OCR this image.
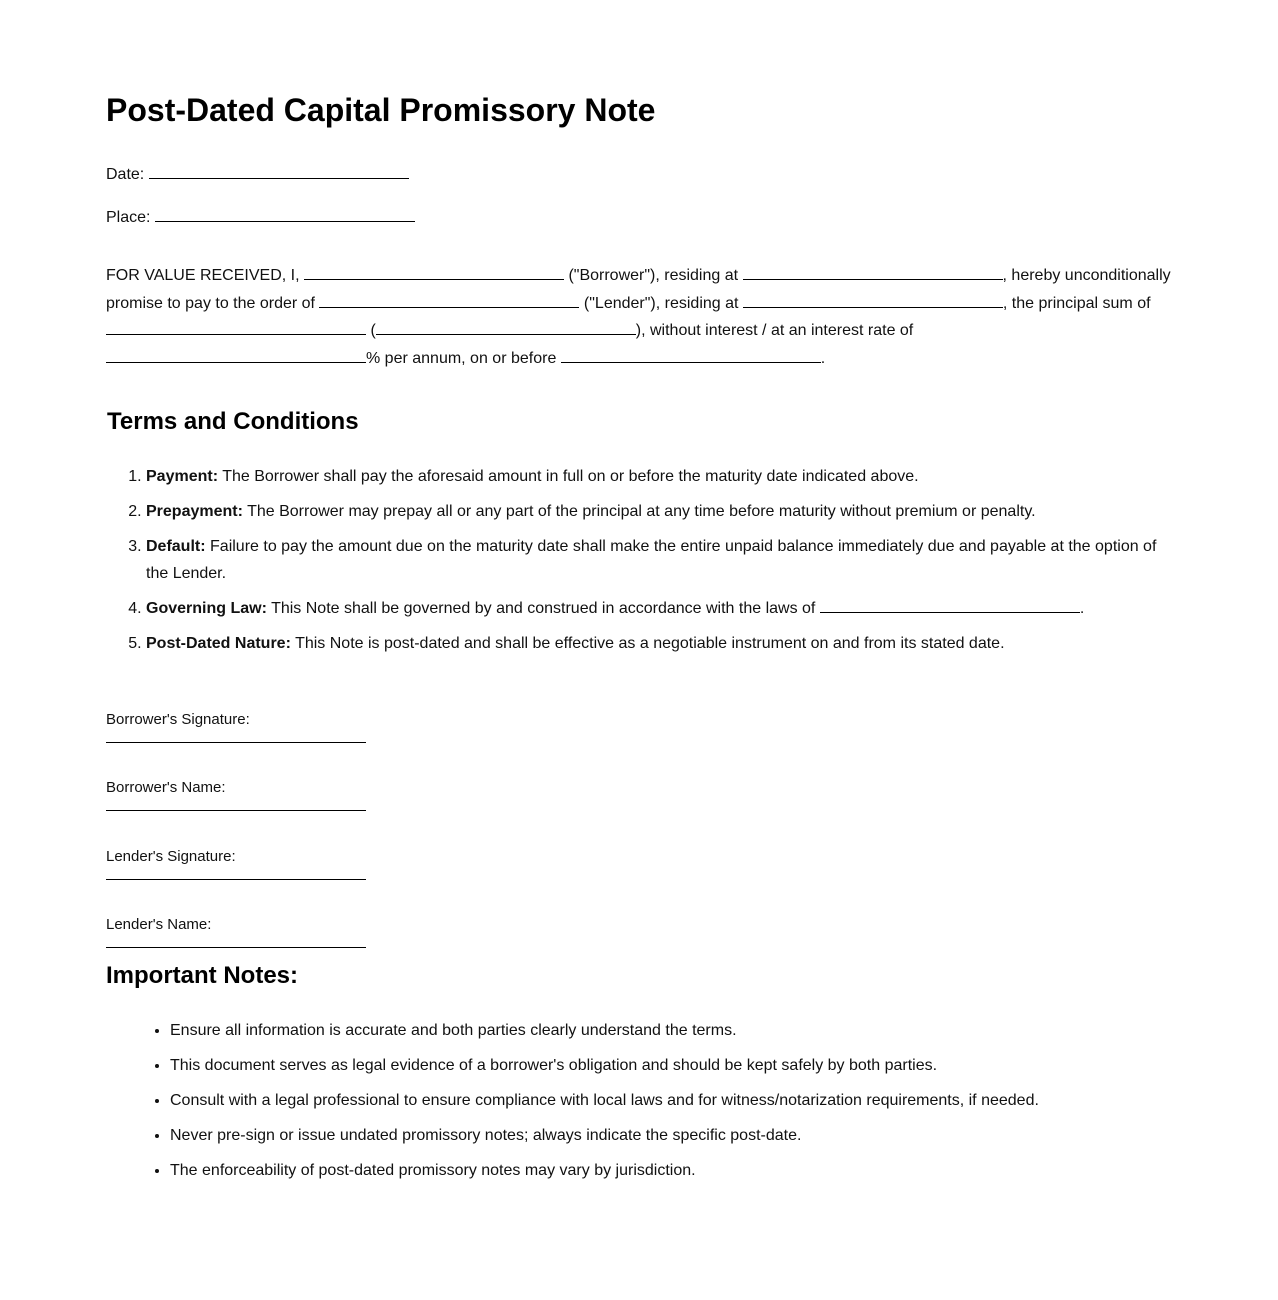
Post-Dated Capital Promissory Note
Date:
Place:

FOR VALUE RECEIVED, I,	("Borrower"), residing at	, hereby unconditionally promise to pay to the order of	("Lender"), residing at	, the principal sum of  (	), without interest / at an interest rate of % per annum, on or before	.

Terms and Conditions
1. Payment: The Borrower shall pay the aforesaid amount in full on or before the maturity date indicated above.
2. Prepayment: The Borrower may prepay all or any part of the principal at any time before maturity without premium or penalty.
3. Default: Failure to pay the amount due on the maturity date shall make the entire unpaid balance immediately due and payable at the option of the Lender.
4. Governing Law: This Note shall be governed by and construed in accordance with the laws of	.
5. Post-Dated Nature: This Note is post-dated and shall be effective as a negotiable instrument on and from its stated date.
Borrower's Signature:
Borrower's Name:
Lender's Signature:
Lender's Name:
Important Notes:
• Ensure all information is accurate and both parties clearly understand the terms.
• This document serves as legal evidence of a borrower's obligation and should be kept safely by both parties.
• Consult with a legal professional to ensure compliance with local laws and for witness/notarization requirements, if needed.
• Never pre-sign or issue undated promissory notes; always indicate the specific post-date.
• The enforceability of post-dated promissory notes may vary by jurisdiction.
